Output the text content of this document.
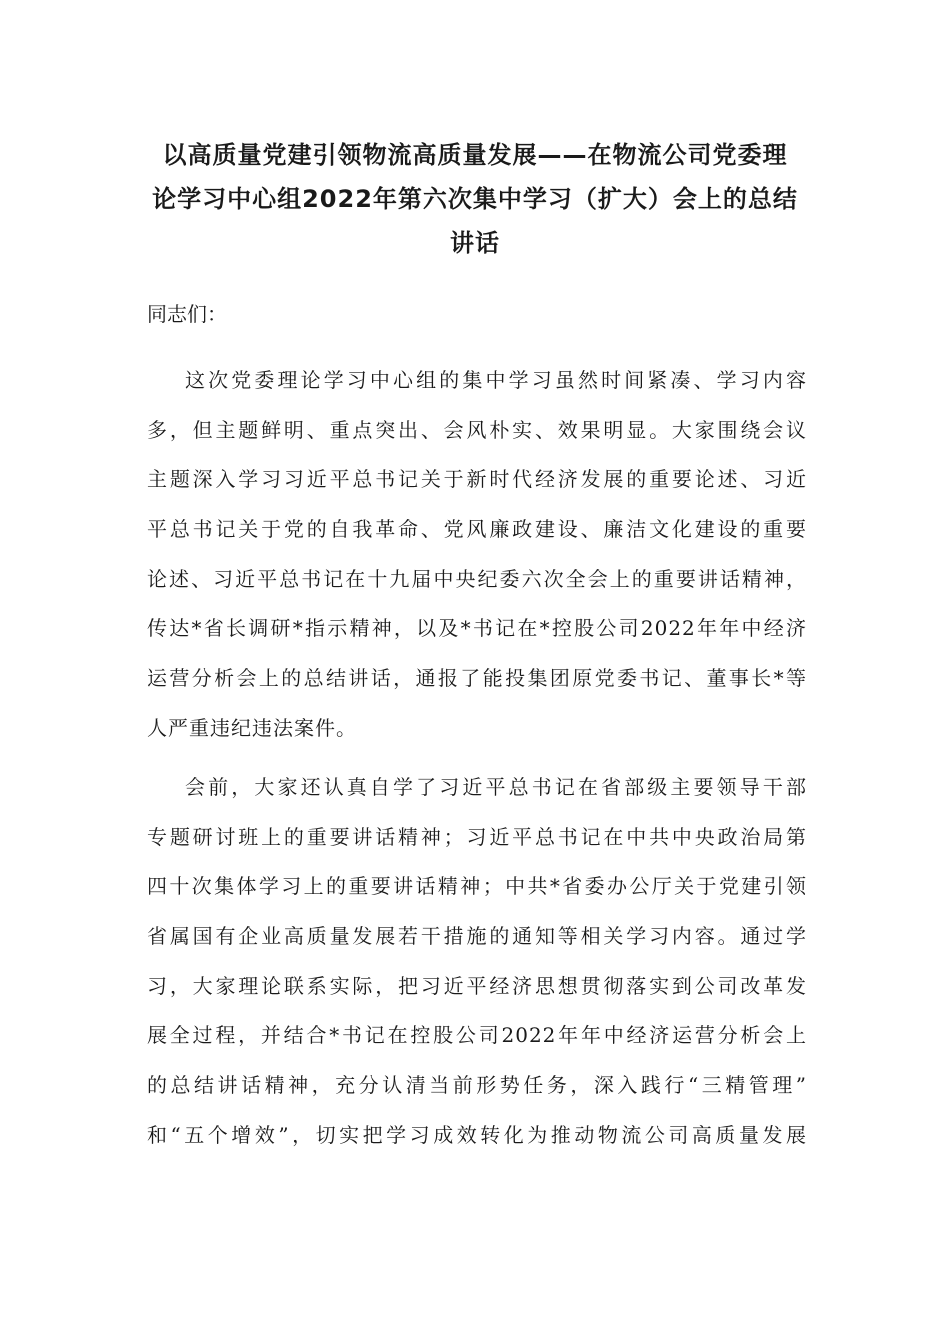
以高质量党建引领物流高质量发展——在物流公司党委理
论学习中心组2022年第六次集中学习（扩大）会上的总结
讲话

同志们：

这次党委理论学习中心组的集中学习虽然时间紧凑、学习内容
多，但主题鲜明、重点突出、会风朴实、效果明显。大家围绕会议
主题深入学习习近平总书记关于新时代经济发展的重要论述、习近
平总书记关于党的自我革命、党风廉政建设、廉洁文化建设的重要
论述、习近平总书记在十九届中央纪委六次全会上的重要讲话精神，
传达*省长调研*指示精神，以及*书记在*控股公司2022年年中经济
运营分析会上的总结讲话，通报了能投集团原党委书记、董事长*等
人严重违纪违法案件。
会前，大家还认真自学了习近平总书记在省部级主要领导干部
专题研讨班上的重要讲话精神；习近平总书记在中共中央政治局第
四十次集体学习上的重要讲话精神；中共*省委办公厅关于党建引领
省属国有企业高质量发展若干措施的通知等相关学习内容。通过学
习，大家理论联系实际，把习近平经济思想贯彻落实到公司改革发
展全过程，并结合*书记在控股公司2022年年中经济运营分析会上
的总结讲话精神，充分认清当前形势任务，深入践行“三精管理”
和“五个增效”，切实把学习成效转化为推动物流公司高质量发展
